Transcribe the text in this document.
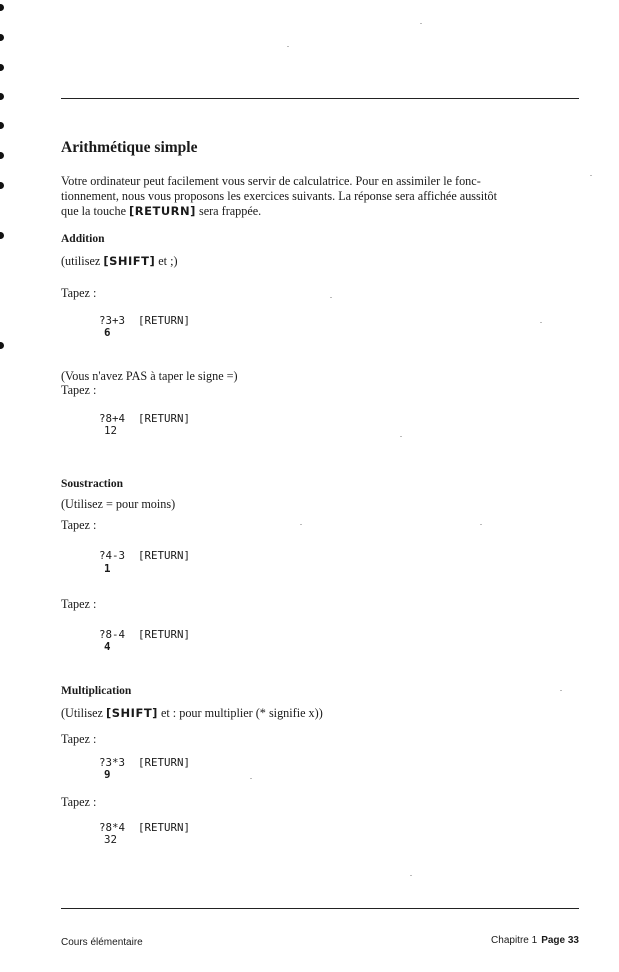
Arithmétique simple
Votre ordinateur peut facilement vous servir de calculatrice. Pour en assimiler le fonc-
tionnement, nous vous proposons les exercices suivants. La réponse sera affichée aussitôt
que la touche [RETURN] sera frappée.
Addition
(utilisez [SHIFT] et ;)
Tapez :
?3+3  [RETURN]
6
(Vous n'avez PAS à taper le signe =)
Tapez :
?8+4  [RETURN]
12
Soustraction
(Utilisez = pour moins)
Tapez :
?4-3  [RETURN]
1
Tapez :
?8-4  [RETURN]
4
Multiplication
(Utilisez [SHIFT] et : pour multiplier (* signifie x))
Tapez :
?3*3  [RETURN]
9
Tapez :
?8*4  [RETURN]
32
Cours élémentaire	Chapitre 1 Page 33
